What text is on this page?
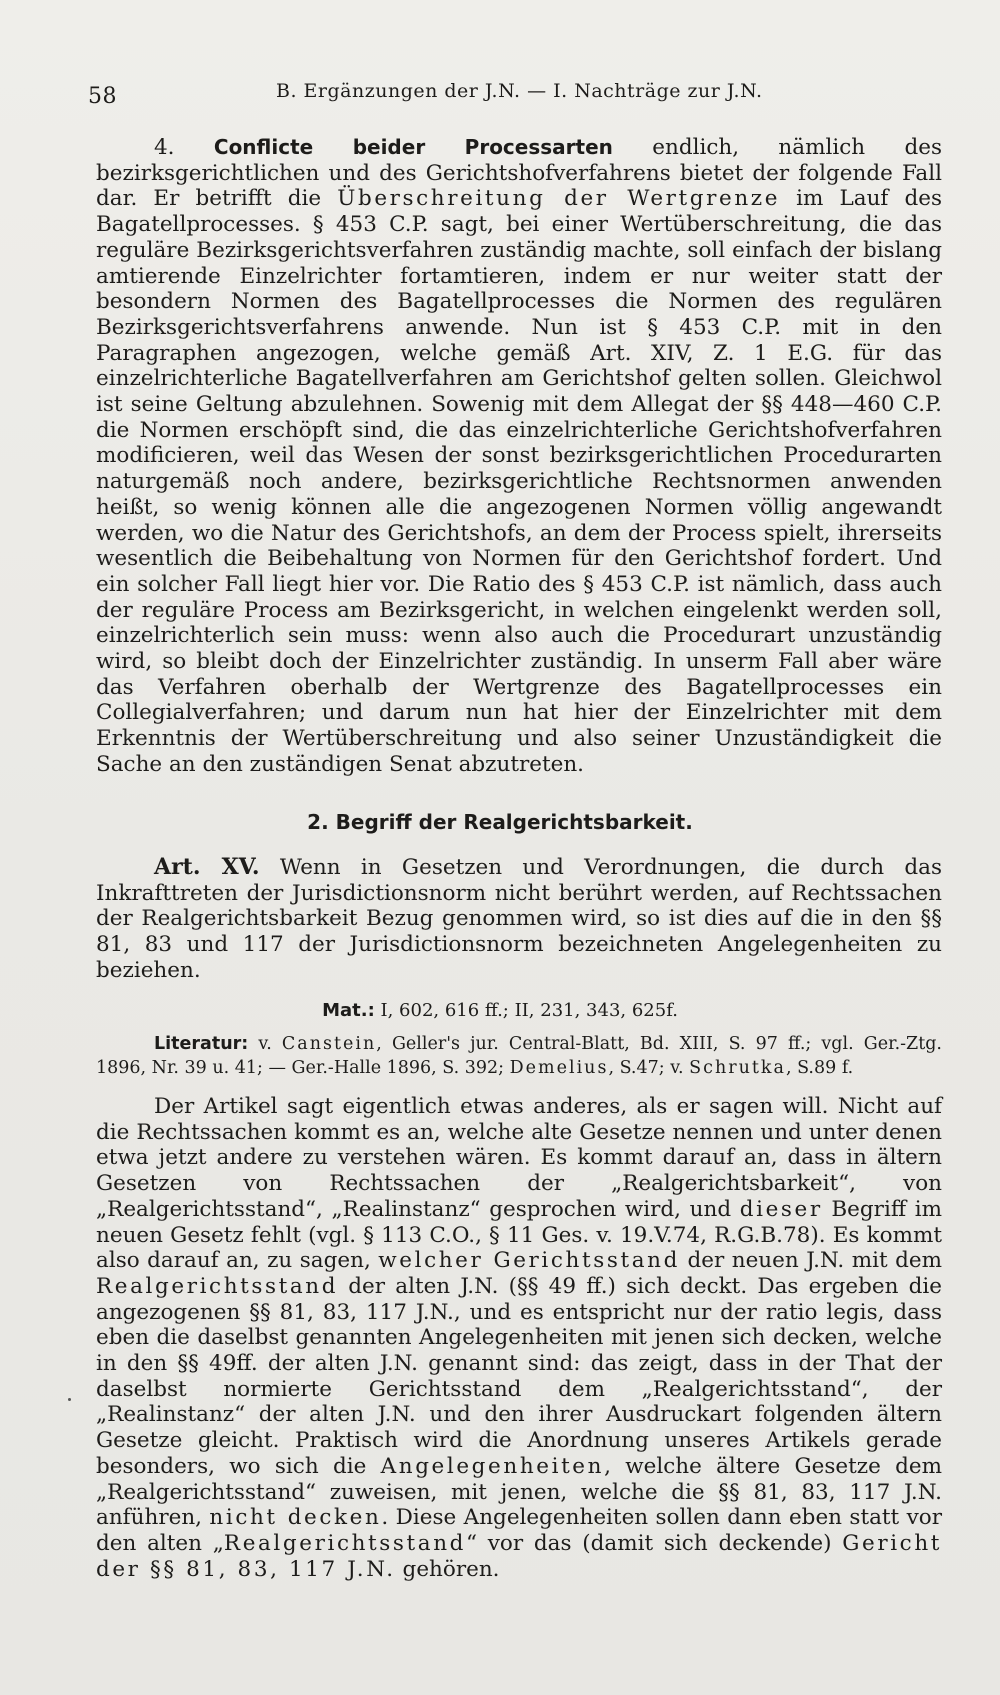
58	B. Ergänzungen der J.N. — I. Nachträge zur J.N.

4. Conflicte beider Processarten endlich, nämlich des bezirksgerichtlichen und des Gerichtshofverfahrens bietet der folgende Fall dar. Er betrifft die Überschreitung der Wertgrenze im Lauf des Bagatellprocesses. § 453 C.P. sagt, bei einer Wertüberschreitung, die das reguläre Bezirksgerichtsverfahren zuständig machte, soll einfach der bislang amtierende Einzelrichter fortamtieren, indem er nur weiter statt der besondern Normen des Bagatellprocesses die Normen des regulären Bezirksgerichtsverfahrens anwende. Nun ist § 453 C.P. mit in den Paragraphen angezogen, welche gemäß Art. XIV, Z. 1 E.G. für das einzelrichterliche Bagatellverfahren am Gerichtshof gelten sollen. Gleichwol ist seine Geltung abzulehnen. Sowenig mit dem Allegat der §§ 448—460 C.P. die Normen erschöpft sind, die das einzelrichterliche Gerichtshofverfahren modificieren, weil das Wesen der sonst bezirksgerichtlichen Procedurarten naturgemäß noch andere, bezirksgerichtliche Rechtsnormen anwenden heißt, so wenig können alle die angezogenen Normen völlig angewandt werden, wo die Natur des Gerichtshofs, an dem der Process spielt, ihrerseits wesentlich die Beibehaltung von Normen für den Gerichtshof fordert. Und ein solcher Fall liegt hier vor. Die Ratio des § 453 C.P. ist nämlich, dass auch der reguläre Process am Bezirksgericht, in welchen eingelenkt werden soll, einzelrichterlich sein muss: wenn also auch die Procedurart unzuständig wird, so bleibt doch der Einzelrichter zuständig. In unserm Fall aber wäre das Verfahren oberhalb der Wertgrenze des Bagatellprocesses ein Collegialverfahren; und darum nun hat hier der Einzelrichter mit dem Erkenntnis der Wertüberschreitung und also seiner Unzuständigkeit die Sache an den zuständigen Senat abzutreten.

2. Begriff der Realgerichtsbarkeit.

Art. XV. Wenn in Gesetzen und Verordnungen, die durch das Inkrafttreten der Jurisdictionsnorm nicht berührt werden, auf Rechtssachen der Realgerichtsbarkeit Bezug genommen wird, so ist dies auf die in den §§ 81, 83 und 117 der Jurisdictionsnorm bezeichneten Angelegenheiten zu beziehen.

Mat.: I, 602, 616 ff.; II, 231, 343, 625f.
Literatur: v. Canstein, Geller's jur. Central-Blatt, Bd. XIII, S. 97 ff.; vgl. Ger.-Ztg. 1896, Nr. 39 u. 41; — Ger.-Halle 1896, S. 392; Demelius, S.47; v. Schrutka, S.89 f.

Der Artikel sagt eigentlich etwas anderes, als er sagen will. Nicht auf die Rechtssachen kommt es an, welche alte Gesetze nennen und unter denen etwa jetzt andere zu verstehen wären. Es kommt darauf an, dass in ältern Gesetzen von Rechtssachen der „Realgerichtsbarkeit“, von „Realgerichtsstand“, „Realinstanz“ gesprochen wird, und dieser Begriff im neuen Gesetz fehlt (vgl. § 113 C.O., § 11 Ges. v. 19.V.74, R.G.B.78). Es kommt also darauf an, zu sagen, welcher Gerichtsstand der neuen J.N. mit dem Realgerichtsstand der alten J.N. (§§ 49 ff.) sich deckt. Das ergeben die angezogenen §§ 81, 83, 117 J.N., und es entspricht nur der ratio legis, dass eben die daselbst genannten Angelegenheiten mit jenen sich decken, welche in den §§ 49ff. der alten J.N. genannt sind: das zeigt, dass in der That der daselbst normierte Gerichtsstand dem „Realgerichtsstand“, der „Realinstanz“ der alten J.N. und den ihrer Ausdruckart folgenden ältern Gesetze gleicht. Praktisch wird die Anordnung unseres Artikels gerade besonders, wo sich die Angelegenheiten, welche ältere Gesetze dem „Realgerichtsstand“ zuweisen, mit jenen, welche die §§ 81, 83, 117 J.N. anführen, nicht decken. Diese Angelegenheiten sollen dann eben statt vor den alten „Realgerichtsstand“ vor das (damit sich deckende) Gericht der §§ 81, 83, 117 J.N. gehören.
